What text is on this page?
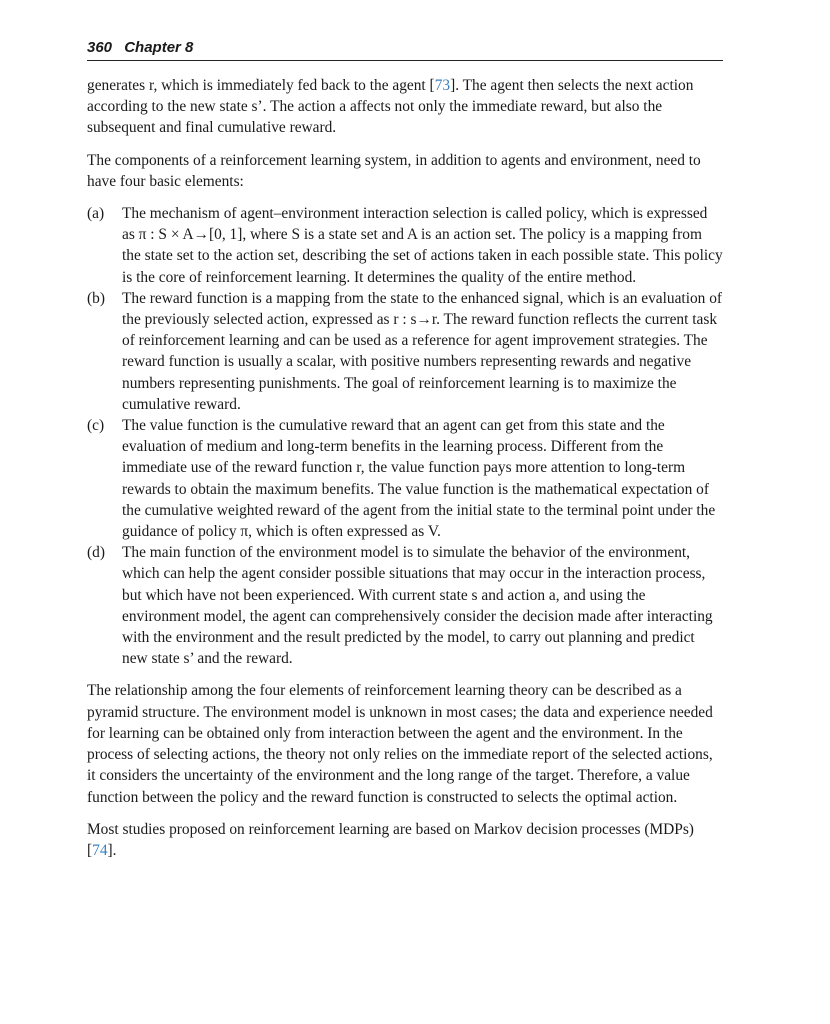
360 Chapter 8

generates r, which is immediately fed back to the agent [73]. The agent then selects the next action according to the new state s’. The action a affects not only the immediate reward, but also the subsequent and final cumulative reward.

The components of a reinforcement learning system, in addition to agents and environment, need to have four basic elements:

(a) The mechanism of agent–environment interaction selection is called policy, which is expressed as π : S × A→[0, 1], where S is a state set and A is an action set. The policy is a mapping from the state set to the action set, describing the set of actions taken in each possible state. This policy is the core of reinforcement learning. It determines the quality of the entire method.
(b) The reward function is a mapping from the state to the enhanced signal, which is an evaluation of the previously selected action, expressed as r : s→r. The reward function reflects the current task of reinforcement learning and can be used as a reference for agent improvement strategies. The reward function is usually a scalar, with positive numbers representing rewards and negative numbers representing punishments. The goal of reinforcement learning is to maximize the cumulative reward.
(c) The value function is the cumulative reward that an agent can get from this state and the evaluation of medium and long-term benefits in the learning process. Different from the immediate use of the reward function r, the value function pays more attention to long-term rewards to obtain the maximum benefits. The value function is the mathematical expectation of the cumulative weighted reward of the agent from the initial state to the terminal point under the guidance of policy π, which is often expressed as V.
(d) The main function of the environment model is to simulate the behavior of the environment, which can help the agent consider possible situations that may occur in the interaction process, but which have not been experienced. With current state s and action a, and using the environment model, the agent can comprehensively consider the decision made after interacting with the environment and the result predicted by the model, to carry out planning and predict new state s’ and the reward.

The relationship among the four elements of reinforcement learning theory can be described as a pyramid structure. The environment model is unknown in most cases; the data and experience needed for learning can be obtained only from interaction between the agent and the environment. In the process of selecting actions, the theory not only relies on the immediate report of the selected actions, it considers the uncertainty of the environment and the long range of the target. Therefore, a value function between the policy and the reward function is constructed to selects the optimal action.

Most studies proposed on reinforcement learning are based on Markov decision processes (MDPs) [74].
